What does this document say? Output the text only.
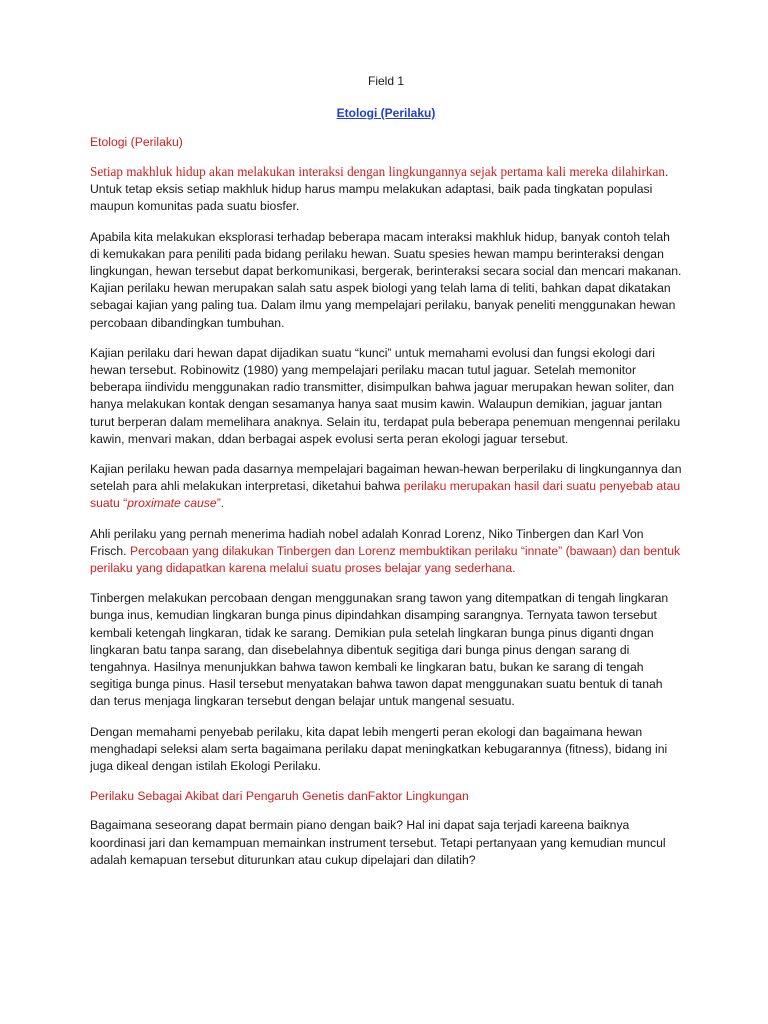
Field 1
Etologi (Perilaku)
Etologi (Perilaku)

Setiap makhluk hidup akan melakukan interaksi dengan lingkungannya sejak pertama kali mereka dilahirkan. Untuk tetap eksis setiap makhluk hidup harus mampu melakukan adaptasi, baik pada tingkatan populasi maupun komunitas pada suatu biosfer.

Apabila kita melakukan eksplorasi terhadap beberapa macam interaksi makhluk hidup, banyak contoh telah di kemukakan para peniliti pada bidang perilaku hewan. Suatu spesies hewan mampu berinteraksi dengan lingkungan, hewan tersebut dapat berkomunikasi, bergerak, berinteraksi secara social dan mencari makanan. Kajian perilaku hewan merupakan salah satu aspek biologi yang telah lama di teliti, bahkan dapat dikatakan sebagai kajian yang paling tua. Dalam ilmu yang mempelajari perilaku, banyak peneliti menggunakan hewan percobaan dibandingkan tumbuhan.

Kajian perilaku dari hewan dapat dijadikan suatu “kunci” untuk memahami evolusi dan fungsi ekologi dari hewan tersebut. Robinowitz (1980) yang mempelajari perilaku macan tutul jaguar. Setelah memonitor beberapa iindividu menggunakan radio transmitter, disimpulkan bahwa jaguar merupakan hewan soliter, dan hanya melakukan kontak dengan sesamanya hanya saat musim kawin. Walaupun demikian, jaguar jantan turut berperan dalam memelihara anaknya. Selain itu, terdapat pula beberapa penemuan mengennai perilaku kawin, menvari makan, ddan berbagai aspek evolusi serta peran ekologi jaguar tersebut.

Kajian perilaku hewan pada dasarnya mempelajari bagaiman hewan-hewan berperilaku di lingkungannya dan setelah para ahli melakukan interpretasi, diketahui bahwa perilaku merupakan hasil dari suatu penyebab atau suatu “proximate cause”.

Ahli perilaku yang pernah menerima hadiah nobel adalah Konrad Lorenz, Niko Tinbergen dan Karl Von Frisch. Percobaan yang dilakukan Tinbergen dan Lorenz membuktikan perilaku “innate” (bawaan) dan bentuk perilaku yang didapatkan karena melalui suatu proses belajar yang sederhana.

Tinbergen melakukan percobaan dengan menggunakan srang tawon yang ditempatkan di tengah lingkaran bunga inus, kemudian lingkaran bunga pinus dipindahkan disamping sarangnya. Ternyata tawon tersebut kembali ketengah lingkaran, tidak ke sarang. Demikian pula setelah lingkaran bunga pinus diganti dngan lingkaran batu tanpa sarang, dan disebelahnya dibentuk segitiga dari bunga pinus dengan sarang di tengahnya. Hasilnya menunjukkan bahwa tawon kembali ke lingkaran batu, bukan ke sarang di tengah segitiga bunga pinus. Hasil tersebut menyatakan bahwa tawon dapat menggunakan suatu bentuk di tanah dan terus menjaga lingkaran tersebut dengan belajar untuk mangenal sesuatu.

Dengan memahami penyebab perilaku, kita dapat lebih mengerti peran ekologi dan bagaimana hewan menghadapi seleksi alam serta bagaimana perilaku dapat meningkatkan kebugarannya (fitness), bidang ini juga dikeal dengan istilah Ekologi Perilaku.

Perilaku Sebagai Akibat dari Pengaruh Genetis danFaktor Lingkungan

Bagaimana seseorang dapat bermain piano dengan baik? Hal ini dapat saja terjadi kareena baiknya koordinasi jari dan kemampuan memainkan instrument tersebut. Tetapi pertanyaan yang kemudian muncul adalah kemapuan tersebut diturunkan atau cukup dipelajari dan dilatih?
